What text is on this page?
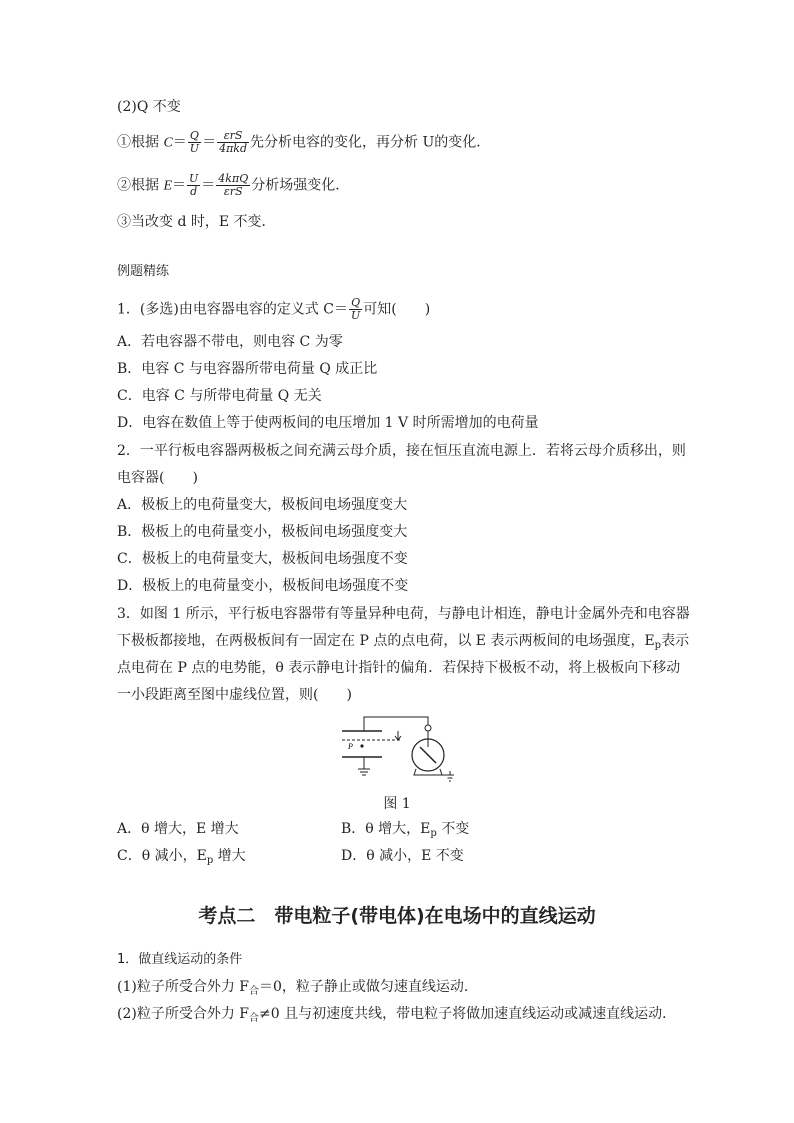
(2)Q 不变
①根据 $C= \frac{Q}{U} = \frac{\text{εrS}}{\text{4πkd}}$ 先分析电容的变化，再分析 U的变化．
②根据 $E= \frac{U}{d} = \frac{\text{4kπQ}}{\text{εrS}}$ 分析场强变化．
③当改变 d 时，E 不变．
例题精练
1．(多选)由电容器电容的定义式 $C= \frac{Q}{U}$ 可知(　　)
A．若电容器不带电，则电容 C 为零
B．电容 C 与电容器所带电荷量 Q 成正比
C．电容 C 与所带电荷量 Q 无关
D．电容在数值上等于使两板间的电压增加 1 V 时所需增加的电荷量
2．一平行板电容器两极板之间充满云母介质，接在恒压直流电源上．若将云母介质移出，则
电容器(　　)
A．极板上的电荷量变大，极板间电场强度变大
B．极板上的电荷量变小，极板间电场强度变大
C．极板上的电荷量变大，极板间电场强度不变
D．极板上的电荷量变小，极板间电场强度不变
3．如图 1 所示，平行板电容器带有等量异种电荷，与静电计相连，静电计金属外壳和电容器
下极板都接地，在两极板间有一固定在 P 点的点电荷，以 E 表示两板间的电场强度，$E_p$表示
点电荷在 P 点的电势能，θ 表示静电计指针的偏角．若保持下极板不动，将上极板向下移动
一小段距离至图中虚线位置，则(　　)
P
图 1
A．θ 增大，E 增大	B．θ 增大，$E_p$ 不变
C．θ 减小，$E_p$ 增大	D．θ 减小，E 不变
考点二　带电粒子(带电体)在电场中的直线运动
1．做直线运动的条件
(1)粒子所受合外力 $F_合=0$，粒子静止或做匀速直线运动．
(2)粒子所受合外力 $F_合\ne 0$ 且与初速度共线，带电粒子将做加速直线运动或减速直线运动．
